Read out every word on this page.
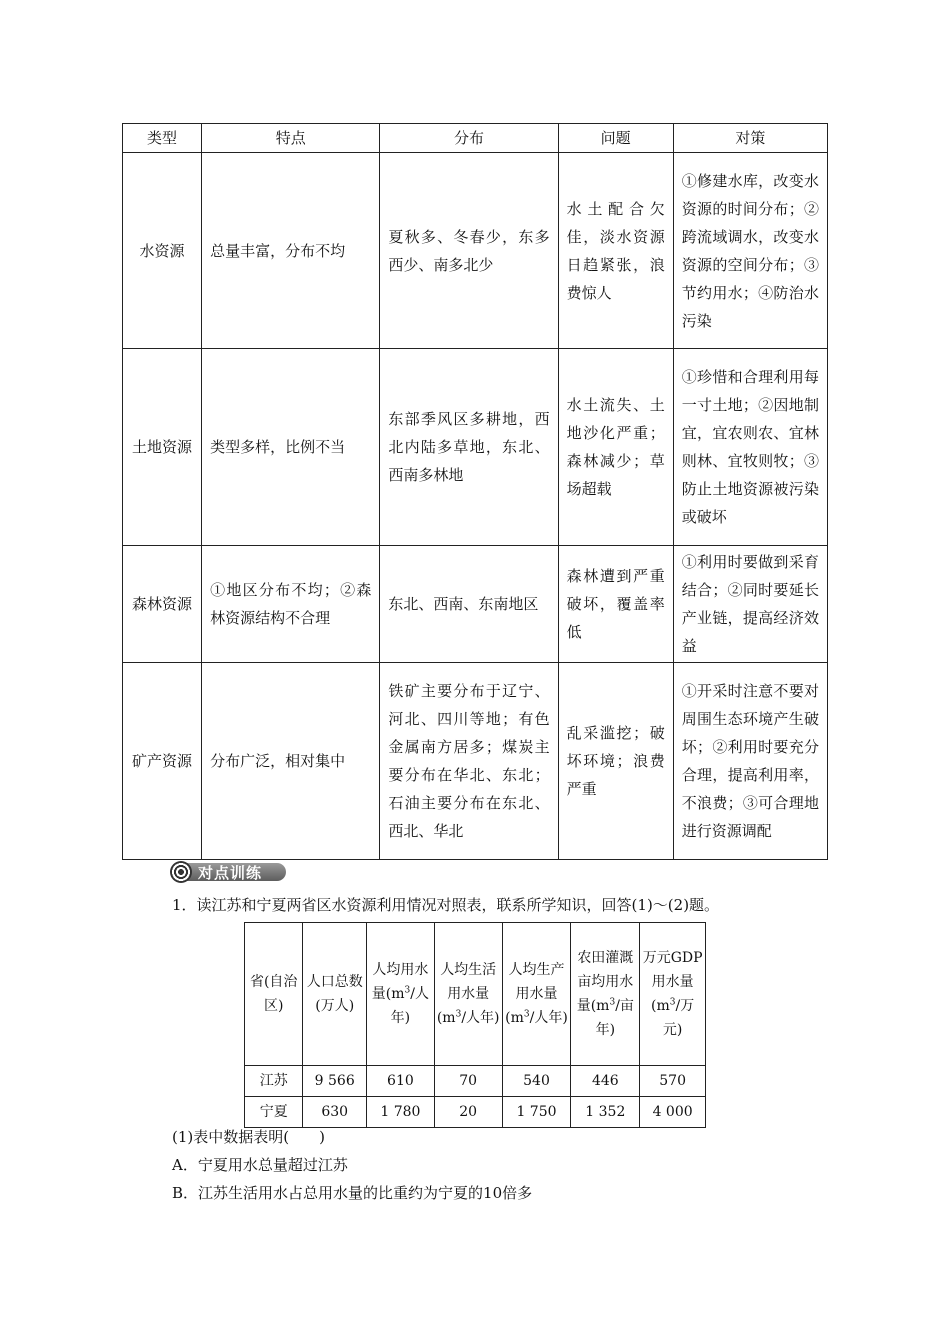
类型	特点	分布	问题	对策
水资源	总量丰富，分布不均	夏秋多、冬春少，东多西少、南多北少	水土配合欠佳，淡水资源日趋紧张，浪费惊人	①修建水库，改变水资源的时间分布；②跨流域调水，改变水资源的空间分布；③节约用水；④防治水污染
土地资源	类型多样，比例不当	东部季风区多耕地，西北内陆多草地，东北、西南多林地	水土流失、土地沙化严重；森林减少；草场超载	①珍惜和合理利用每一寸土地；②因地制宜，宜农则农、宜林则林、宜牧则牧；③防止土地资源被污染或破坏
森林资源	①地区分布不均；②森林资源结构不合理	东北、西南、东南地区	森林遭到严重破坏，覆盖率低	①利用时要做到采育结合；②同时要延长产业链，提高经济效益
矿产资源	分布广泛，相对集中	铁矿主要分布于辽宁、河北、四川等地；有色金属南方居多；煤炭主要分布在华北、东北；石油主要分布在东北、西北、华北	乱采滥挖；破坏环境；浪费严重	①开采时注意不要对周围生态环境产生破坏；②利用时要充分合理，提高利用率，不浪费；③可合理地进行资源调配
对点训练
1．读江苏和宁夏两省区水资源利用情况对照表，联系所学知识，回答(1)～(2)题。
省(自治区)	人口总数(万人)	人均用水量($m^3/$人年)	人均生活用水量($m^3/$人年)	人均生产用水量($m^3/$人年)	农田灌溉亩均用水量($m^3/$亩年)	万元GDP用水量($m^3/$万元)
江苏	9 566	610	70	540	446	570
宁夏	630	1 780	20	1 750	1 352	4 000
(1)表中数据表明(　　)
A．宁夏用水总量超过江苏
B．江苏生活用水占总用水量的比重约为宁夏的10倍多
